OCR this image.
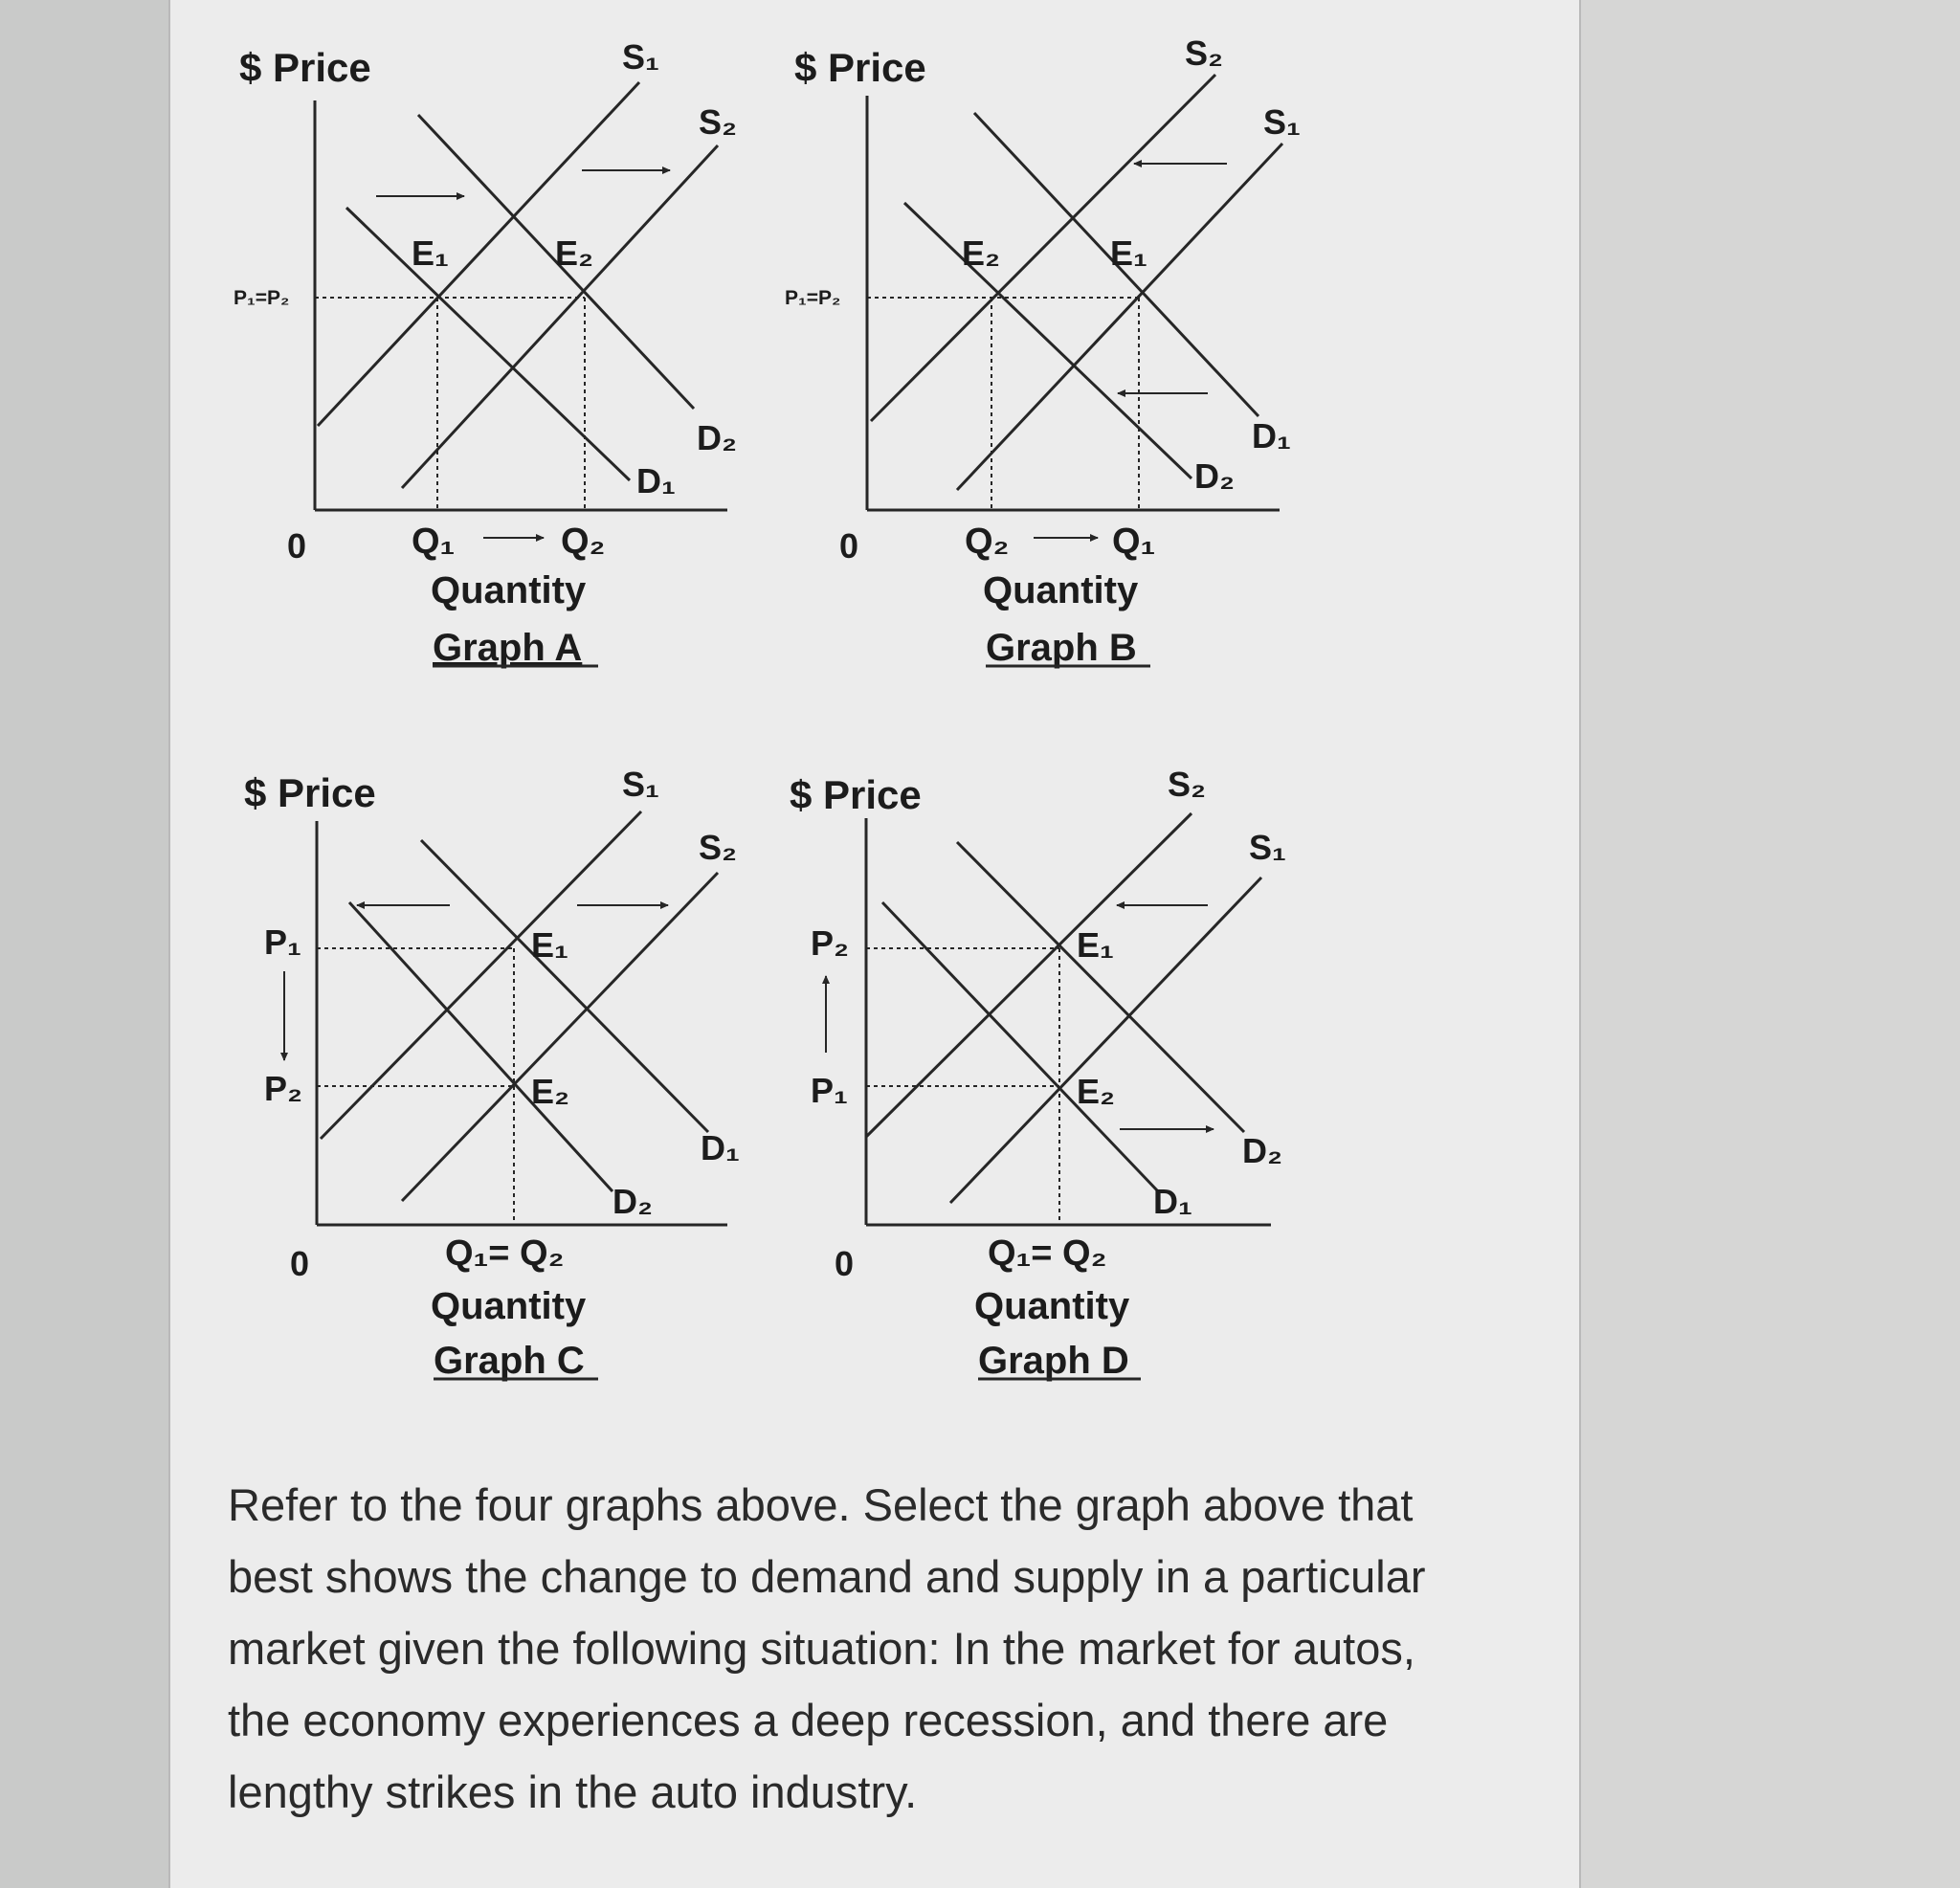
$ Price
P₁=P₂
S₁
S₂
D₁
D₂
E₁	E₂
0	Q₁	Q₂
Quantity
Graph A
$ Price
P₁=P₂
S₂
S₁
D₁
D₂
E₂	E₁
0	Q₂	Q₁
Quantity
Graph B
$ Price
P₁
P₂
S₁
S₂
D₁
D₂
E₁
E₂
0	Q₁= Q₂
Quantity
Graph C
$ Price
P₂
P₁
S₂
S₁
D₁
D₂
E₁
E₂
0	Q₁= Q₂
Quantity
Graph D

Refer to the four graphs above. Select the graph above that
best shows the change to demand and supply in a particular
market given the following situation: In the market for autos,
the economy experiences a deep recession, and there are
lengthy strikes in the auto industry.
